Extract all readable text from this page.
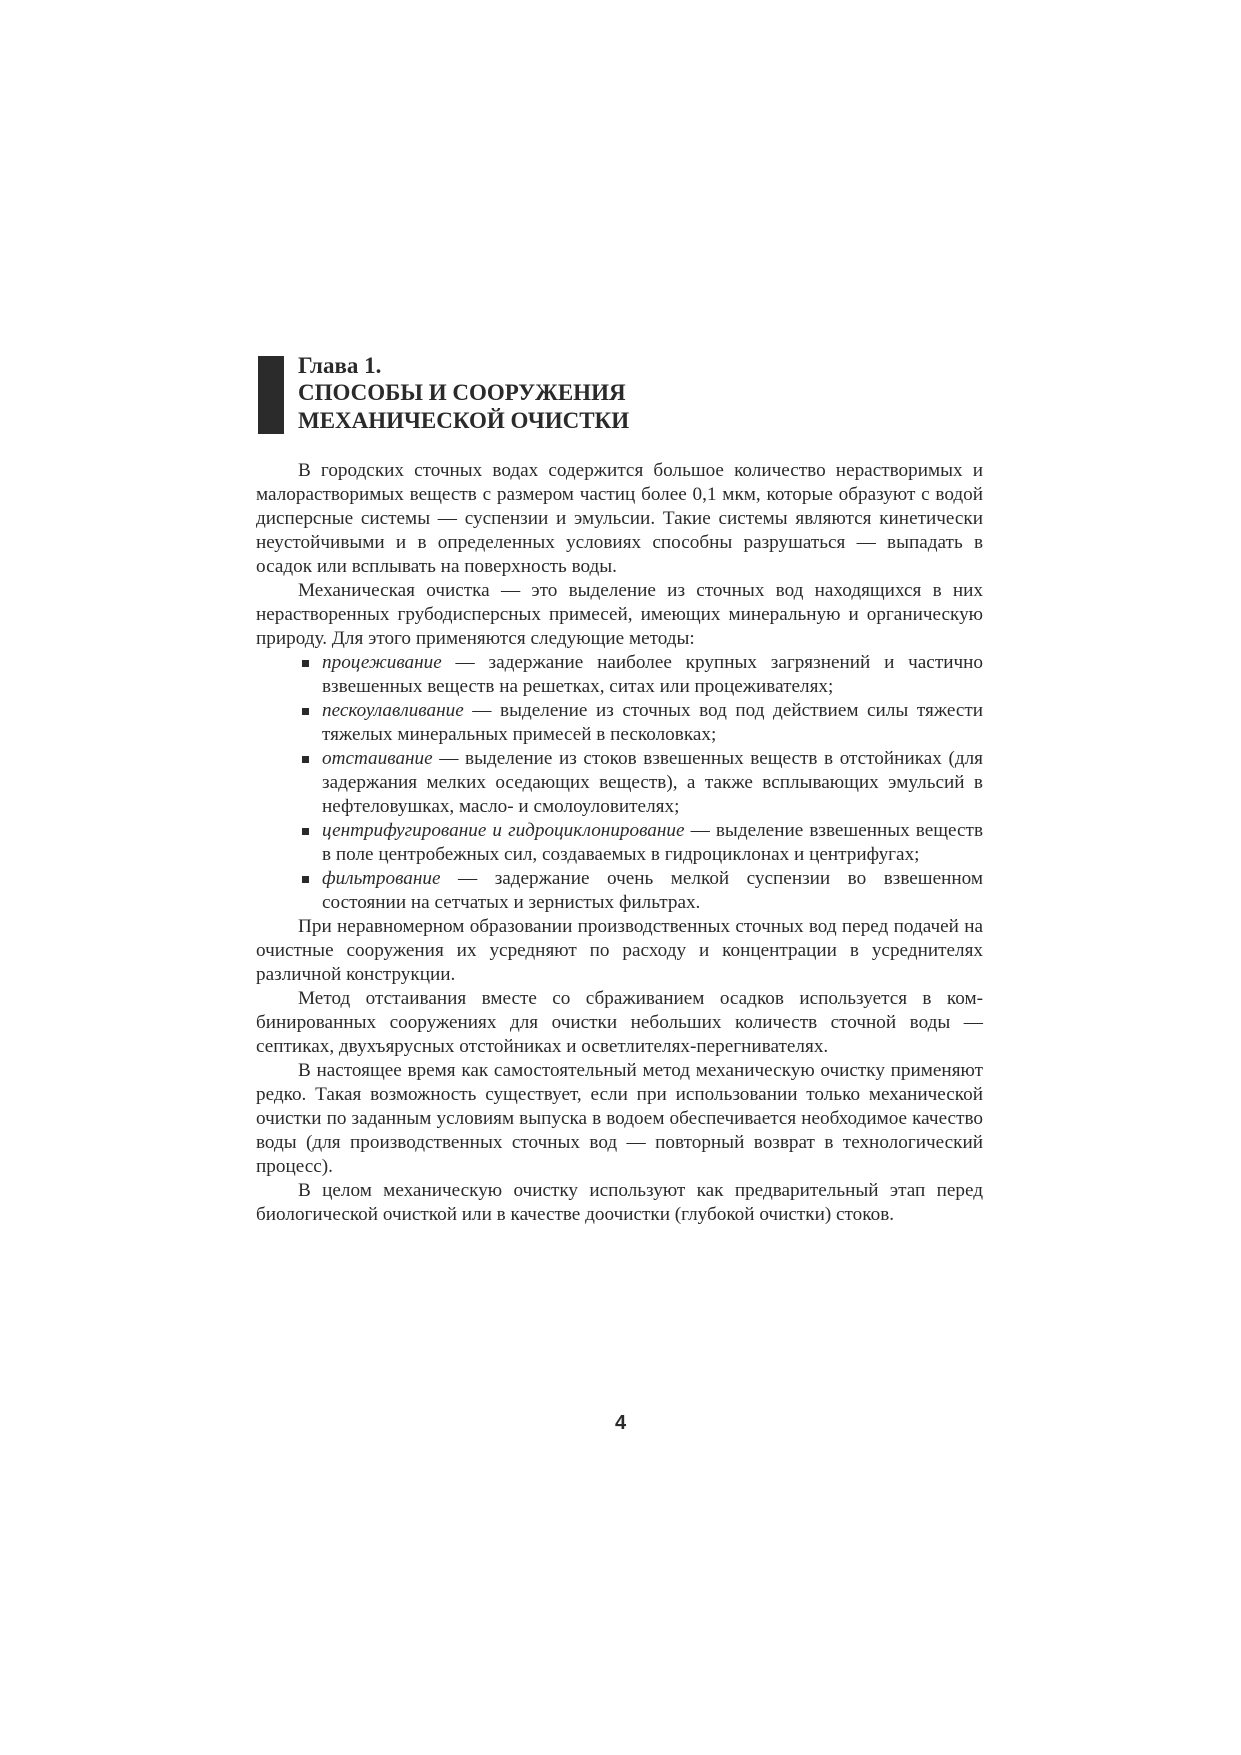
Глава 1.
СПОСОБЫ И СООРУЖЕНИЯ
МЕХАНИЧЕСКОЙ ОЧИСТКИ

В городских сточных водах содержится большое количество нерастворимых и малорастворимых веществ с размером частиц более 0,1 мкм, которые образуют с водой дисперсные системы — суспензии и эмульсии. Такие системы являются кинетически неустойчивыми и в определенных условиях способны разрушаться — выпадать в осадок или всплывать на поверхность воды.

Механическая очистка — это выделение из сточных вод находящихся в них нерастворенных грубодисперсных примесей, имеющих минеральную и органическую природу. Для этого применяются следующие методы:

процеживание — задержание наиболее крупных загрязнений и частично взвешенных веществ на решетках, ситах или процеживателях;
пескоулавливание — выделение из сточных вод под действием силы тяжести тяжелых минеральных примесей в песколовках;
отстаивание — выделение из стоков взвешенных веществ в отстойниках (для задержания мелких оседающих веществ), а также всплывающих эмульсий в нефтеловушках, масло- и смолоуловителях;
центрифугирование и гидроциклонирование — выделение взвешенных веществ в поле центробежных сил, создаваемых в гидроциклонах и центрифугах;
фильтрование — задержание очень мелкой суспензии во взвешенном состоянии на сетчатых и зернистых фильтрах.

При неравномерном образовании производственных сточных вод перед подачей на очистные сооружения их усредняют по расходу и концентрации в усреднителях различной конструкции.

Метод отстаивания вместе со сбраживанием осадков используется в комбинированных сооружениях для очистки небольших количеств сточной воды — септиках, двухъярусных отстойниках и осветлителях-перегнивателях.

В настоящее время как самостоятельный метод механическую очистку применяют редко. Такая возможность существует, если при использовании только механической очистки по заданным условиям выпуска в водоем обеспечивается необходимое качество воды (для производственных сточных вод — повторный возврат в технологический процесс).

В целом механическую очистку используют как предварительный этап перед биологической очисткой или в качестве доочистки (глубокой очистки) стоков.

4
